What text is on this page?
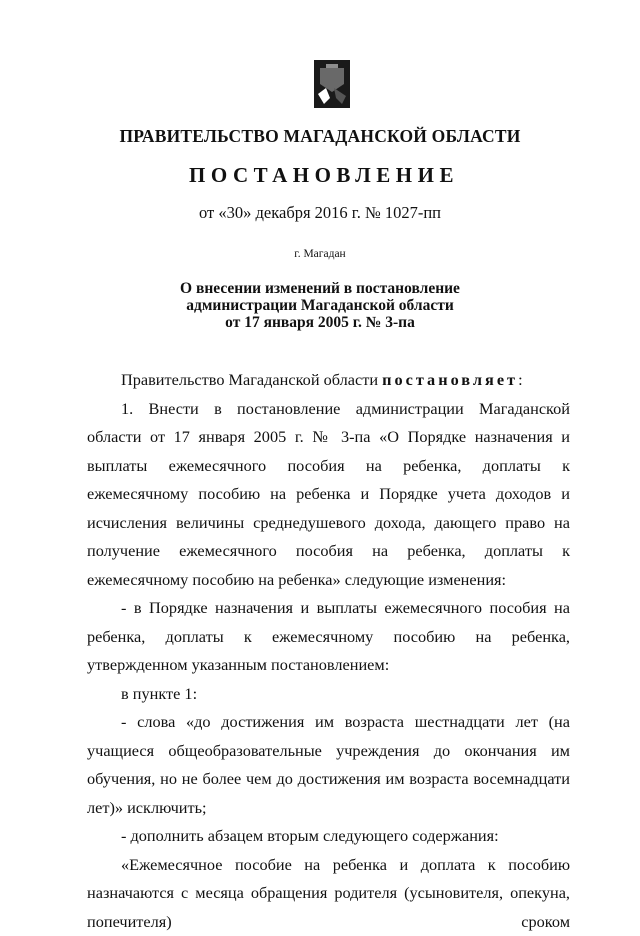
ПРАВИТЕЛЬСТВО МАГАДАНСКОЙ ОБЛАСТИ
ПОСТАНОВЛЕНИЕ
от «30» декабря 2016 г. № 1027-пп
г. Магадан
О внесении изменений в постановление
администрации Магаданской области
от 17 января 2005 г. № 3-па

Правительство Магаданской области постановляет:

1. Внести в постановление администрации Магаданской области от 17 января 2005 г. № 3-па «О Порядке назначения и выплаты ежемесячного пособия на ребенка, доплаты к ежемесячному пособию на ребенка и Порядке учета доходов и исчисления величины среднедушевого дохода, дающего право на получение ежемесячного пособия на ребенка, доплаты к ежемесячному пособию на ребенка» следующие изменения:

- в Порядке назначения и выплаты ежемесячного пособия на ребенка, доплаты к ежемесячному пособию на ребенка, утвержденном указанным постановлением:

в пункте 1:

- слова «до достижения им возраста шестнадцати лет (на учащиеся общеобразовательные учреждения до окончания им обучения, но не более чем до достижения им возраста восемнадцати лет)» исключить;

- дополнить абзацем вторым следующего содержания:

«Ежемесячное пособие на ребенка и доплата к пособию назначаются с месяца обращения родителя (усыновителя, опекуна, попечителя) сроком
